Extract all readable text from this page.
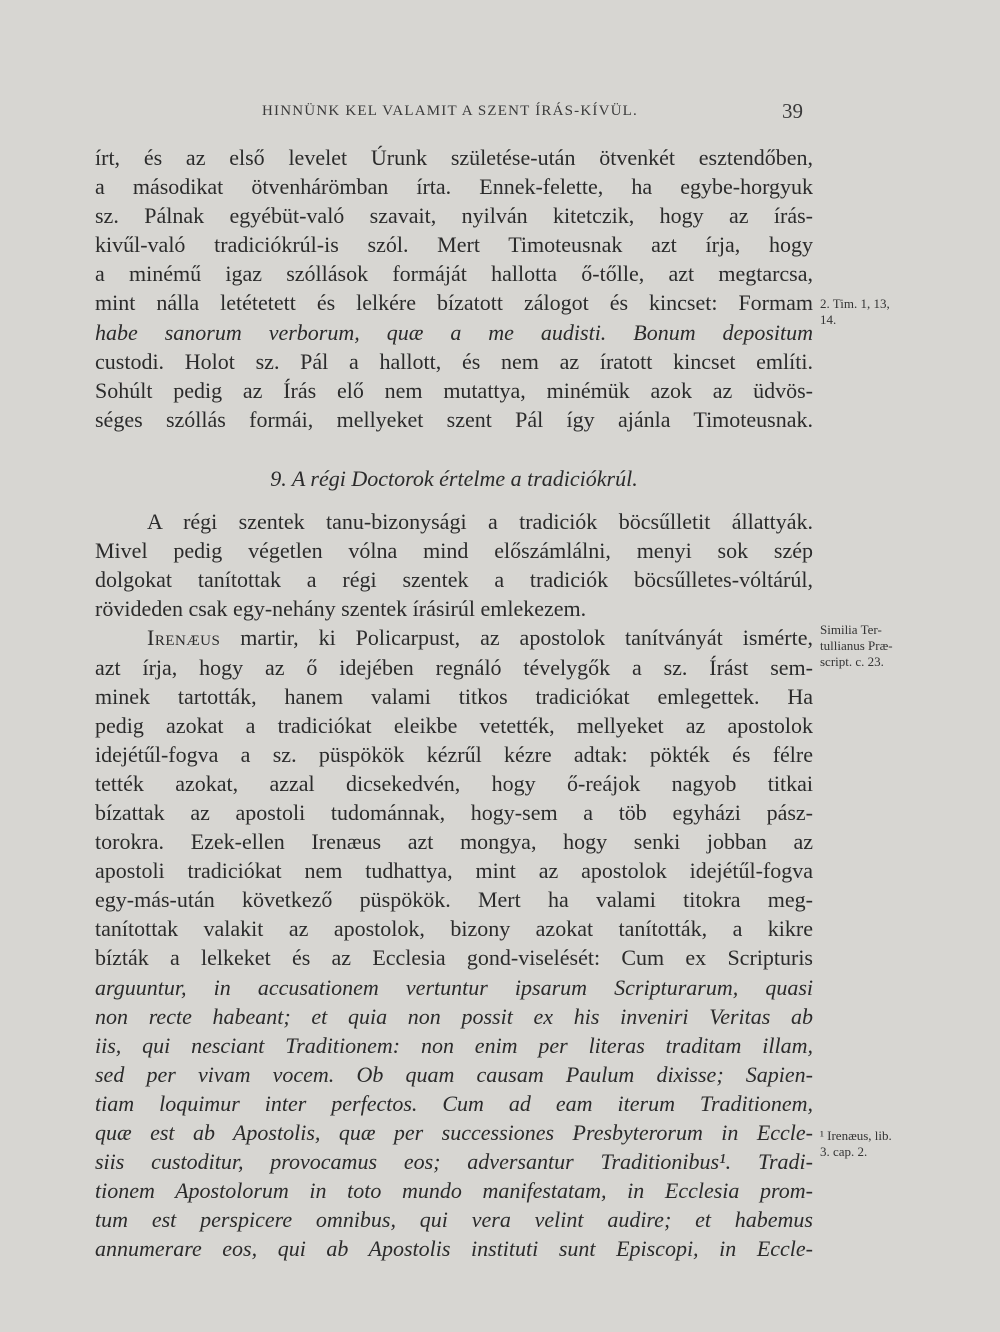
HINNÜNK KEL VALAMIT A SZENT ÍRÁS-KÍVÜL.	39
írt, és az első levelet Úrunk születése-után ötvenkét esztendőben,
a másodikat ötvenhárömban írta. Ennek-felette, ha egybe-horgyuk
sz. Pálnak egyébüt-való szavait, nyilván kitetczik, hogy az írás-
kivűl-való tradiciókrúl-is szól. Mert Timoteusnak azt írja, hogy
a minémű igaz szóllások formáját hallotta ő-tőlle, azt megtarcsa,
mint nálla letétetett és lelkére bízatott zálogot és kincset: Formam
habe sanorum verborum, quæ a me audisti. Bonum depositum
custodi. Holot sz. Pál a hallott, és nem az íratott kincset említi.
Sohúlt pedig az Írás elő nem mutattya, minémük azok az üdvös-
séges szóllás formái, mellyeket szent Pál így ajánla Timoteusnak.
9. A régi Doctorok értelme a tradiciókrúl.
A régi szentek tanu-bizonysági a tradiciók böcsűlletit állattyák.
Mivel pedig végetlen vólna mind előszámlálni, menyi sok szép
dolgokat tanítottak a régi szentek a tradiciók böcsűlletes-vóltárúl,
rövideden csak egy-nehány szentek írásirúl emlekezem.
Irenæus martir, ki Policarpust, az apostolok tanítványát ismérte,
azt írja, hogy az ő idejében regnáló tévelygők a sz. Írást sem-
minek tartották, hanem valami titkos tradiciókat emlegettek. Ha
pedig azokat a tradiciókat eleikbe vetették, mellyeket az apostolok
idejétűl-fogva a sz. püspökök kézrűl kézre adtak: pökték és félre
tették azokat, azzal dicsekedvén, hogy ő-reájok nagyob titkai
bízattak az apostoli tudománnak, hogy-sem a töb egyházi pász-
torokra. Ezek-ellen Irenæus azt mongya, hogy senki jobban az
apostoli tradiciókat nem tudhattya, mint az apostolok idejétűl-fogva
egy-más-után következő püspökök. Mert ha valami titokra meg-
tanítottak valakit az apostolok, bizony azokat tanították, a kikre
bízták a lelkeket és az Ecclesia gond-viselését: Cum ex Scripturis
arguuntur, in accusationem vertuntur ipsarum Scripturarum, quasi
non recte habeant; et quia non possit ex his inveniri Veritas ab
iis, qui nesciant Traditionem: non enim per literas traditam illam,
sed per vivam vocem. Ob quam causam Paulum dixisse; Sapien-
tiam loquimur inter perfectos. Cum ad eam iterum Traditionem,
quæ est ab Apostolis, quæ per successiones Presbyterorum in Eccle-
siis custoditur, provocamus eos; adversantur Traditionibus¹. Tradi-
tionem Apostolorum in toto mundo manifestatam, in Ecclesia prom-
tum est perspicere omnibus, qui vera velint audire; et habemus
annumerare eos, qui ab Apostolis instituti sunt Episcopi, in Eccle-
2. Tim. 1, 13,
14.
Similia Ter-
tullianus Præ-
script. c. 23.
¹ Irenæus, lib.
3. cap. 2.
